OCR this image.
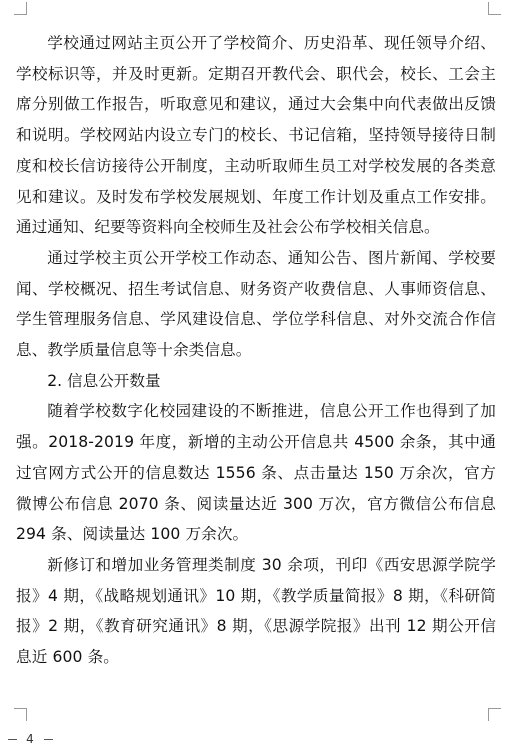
学校通过网站主页公开了学校简介、历史沿革、现任领导介绍、学校标识等，并及时更新。定期召开教代会、职代会，校长、工会主席分别做工作报告，听取意见和建议，通过大会集中向代表做出反馈和说明。学校网站内设立专门的校长、书记信箱，坚持领导接待日制度和校长信访接待公开制度，主动听取师生员工对学校发展的各类意见和建议。及时发布学校发展规划、年度工作计划及重点工作安排。通过通知、纪要等资料向全校师生及社会公布学校相关信息。

通过学校主页公开学校工作动态、通知公告、图片新闻、学校要闻、学校概况、招生考试信息、财务资产收费信息、人事师资信息、学生管理服务信息、学风建设信息、学位学科信息、对外交流合作信息、教学质量信息等十余类信息。

2. 信息公开数量

随着学校数字化校园建设的不断推进，信息公开工作也得到了加强。2018-2019 年度，新增的主动公开信息共 4500 余条，其中通过官网方式公开的信息数达 1556 条、点击量达 150 万余次，官方微博公布信息 2070 条、阅读量达近 300 万次，官方微信公布信息 294 条、阅读量达 100 万余次。

新修订和增加业务管理类制度 30 余项，刊印《西安思源学院学报》4 期，《战略规划通讯》10 期，《教学质量简报》8 期，《科研简报》2 期，《教育研究通讯》8 期，《思源学院报》出刊 12 期公开信息近 600 条。

4
